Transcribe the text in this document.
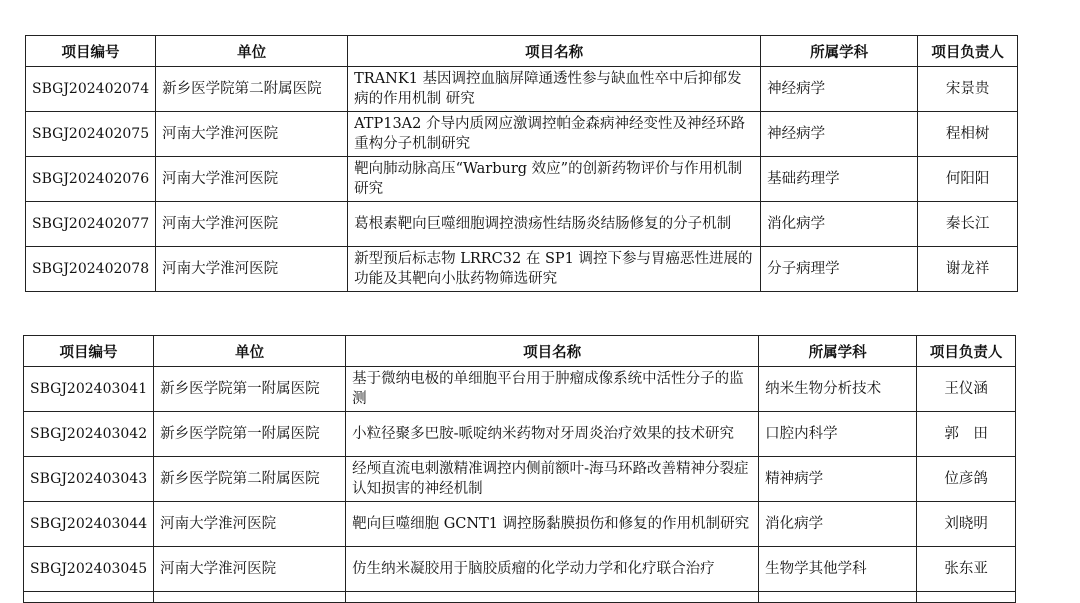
项目编号	单位	项目名称	所属学科	项目负责人
SBGJ202402074	新乡医学院第二附属医院	TRANK1 基因调控血脑屏障通透性参与缺血性卒中后抑郁发病的作用机制 研究	神经病学	宋景贵
SBGJ202402075	河南大学淮河医院	ATP13A2 介导内质网应激调控帕金森病神经变性及神经环路重构分子机制研究	神经病学	程相树
SBGJ202402076	河南大学淮河医院	靶向肺动脉高压“Warburg 效应”的创新药物评价与作用机制研究	基础药理学	何阳阳
SBGJ202402077	河南大学淮河医院	葛根素靶向巨噬细胞调控溃疡性结肠炎结肠修复的分子机制	消化病学	秦长江
SBGJ202402078	河南大学淮河医院	新型预后标志物 LRRC32 在 SP1 调控下参与胃癌恶性进展的功能及其靶向小肽药物筛选研究	分子病理学	谢龙祥
项目编号	单位	项目名称	所属学科	项目负责人
SBGJ202403041	新乡医学院第一附属医院	基于微纳电极的单细胞平台用于肿瘤成像系统中活性分子的监测	纳米生物分析技术	王仪涵
SBGJ202403042	新乡医学院第一附属医院	小粒径聚多巴胺-哌啶纳米药物对牙周炎治疗效果的技术研究	口腔内科学	郭　田
SBGJ202403043	新乡医学院第二附属医院	经颅直流电刺激精准调控内侧前额叶-海马环路改善精神分裂症认知损害的神经机制	精神病学	位彦鸽
SBGJ202403044	河南大学淮河医院	靶向巨噬细胞 GCNT1 调控肠黏膜损伤和修复的作用机制研究	消化病学	刘晓明
SBGJ202403045	河南大学淮河医院	仿生纳米凝胶用于脑胶质瘤的化学动力学和化疗联合治疗	生物学其他学科	张东亚
